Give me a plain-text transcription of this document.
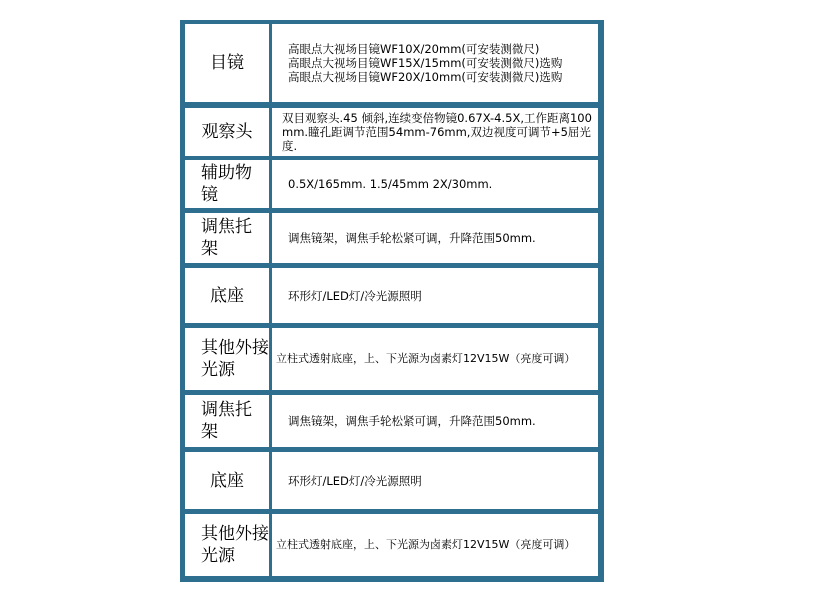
目镜
高眼点大视场目镜WF10X/20mm(可安装测微尺)
高眼点大视场目镜WF15X/15mm(可安装测微尺)选购
高眼点大视场目镜WF20X/10mm(可安装测微尺)选购
观察头
双目观察头.45 倾斜,连续变倍物镜0.67X-4.5X,工作距离100mm.瞳孔距调节范围54mm-76mm,双边视度可调节+5屈光度.
辅助物镜
0.5X/165mm. 1.5/45mm 2X/30mm.
调焦托架
调焦镜架，调焦手轮松紧可调，升降范围50mm.
底座	环形灯/LED灯/冷光源照明
其他外接光源
立柱式透射底座，上、下光源为卤素灯12V15W（亮度可调）
调焦托架
调焦镜架，调焦手轮松紧可调，升降范围50mm.
底座	环形灯/LED灯/冷光源照明
其他外接光源
立柱式透射底座，上、下光源为卤素灯12V15W（亮度可调）
